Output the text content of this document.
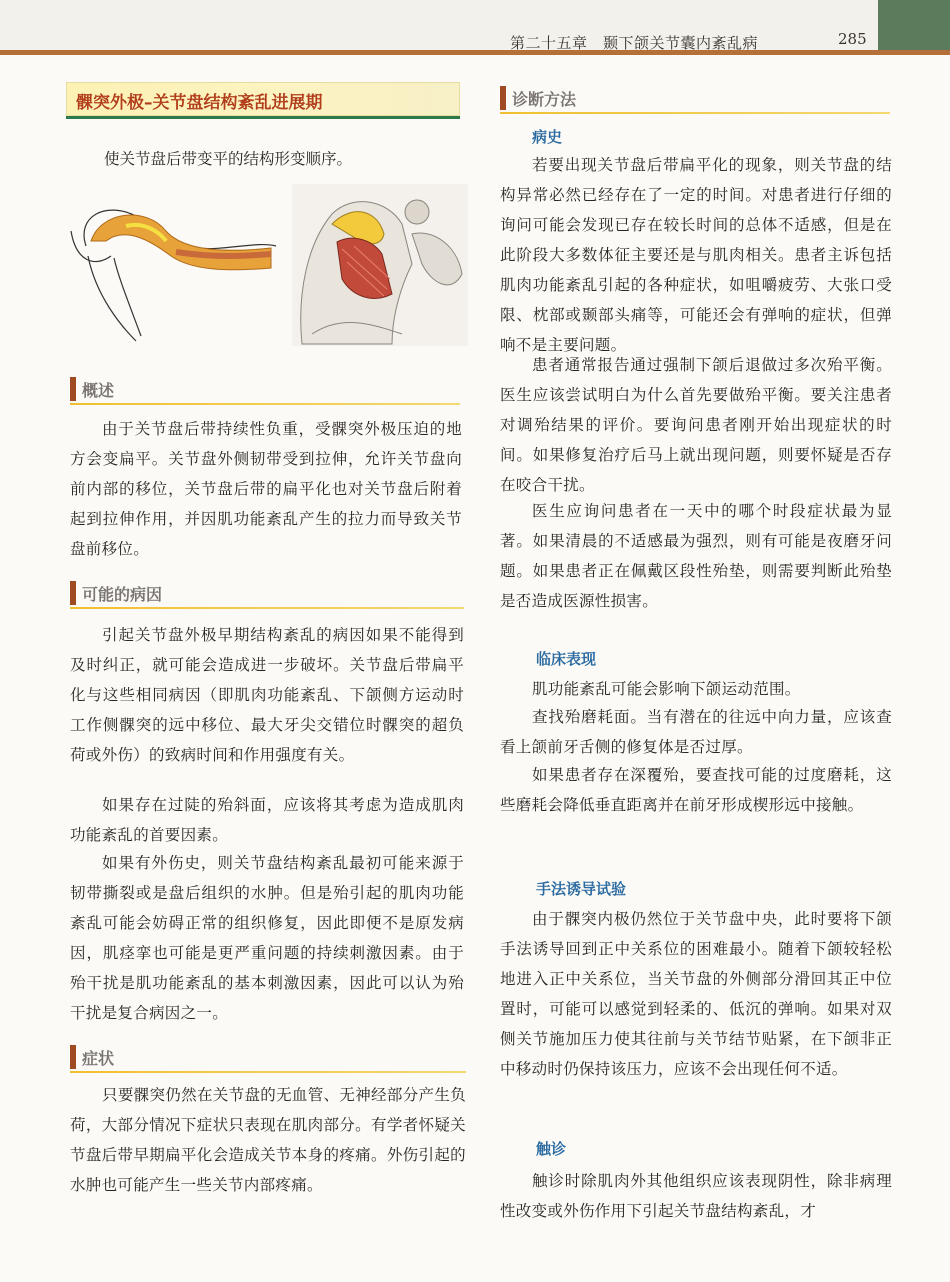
第二十五章　颞下颌关节囊内紊乱病	285
髁突外极–关节盘结构紊乱进展期
使关节盘后带变平的结构形变顺序。
概述
由于关节盘后带持续性负重，受髁突外极压迫的地方会变扁平。关节盘外侧韧带受到拉伸，允许关节盘向前内部的移位，关节盘后带的扁平化也对关节盘后附着起到拉伸作用，并因肌功能紊乱产生的拉力而导致关节盘前移位。
可能的病因
引起关节盘外极早期结构紊乱的病因如果不能得到及时纠正，就可能会造成进一步破坏。关节盘后带扁平化与这些相同病因（即肌肉功能紊乱、下颌侧方运动时工作侧髁突的远中移位、最大牙尖交错位时髁突的超负荷或外伤）的致病时间和作用强度有关。
如果存在过陡的殆斜面，应该将其考虑为造成肌肉功能紊乱的首要因素。
如果有外伤史，则关节盘结构紊乱最初可能来源于韧带撕裂或是盘后组织的水肿。但是殆引起的肌肉功能紊乱可能会妨碍正常的组织修复，因此即便不是原发病因，肌痉挛也可能是更严重问题的持续刺激因素。由于殆干扰是肌功能紊乱的基本刺激因素，因此可以认为殆干扰是复合病因之一。
症状
只要髁突仍然在关节盘的无血管、无神经部分产生负荷，大部分情况下症状只表现在肌肉部分。有学者怀疑关节盘后带早期扁平化会造成关节本身的疼痛。外伤引起的水肿也可能产生一些关节内部疼痛。
诊断方法
病史
若要出现关节盘后带扁平化的现象，则关节盘的结构异常必然已经存在了一定的时间。对患者进行仔细的询问可能会发现已存在较长时间的总体不适感，但是在此阶段大多数体征主要还是与肌肉相关。患者主诉包括肌肉功能紊乱引起的各种症状，如咀嚼疲劳、大张口受限、枕部或颞部头痛等，可能还会有弹响的症状，但弹响不是主要问题。
患者通常报告通过强制下颌后退做过多次殆平衡。医生应该尝试明白为什么首先要做殆平衡。要关注患者对调殆结果的评价。要询问患者刚开始出现症状的时间。如果修复治疗后马上就出现问题，则要怀疑是否存在咬合干扰。
医生应询问患者在一天中的哪个时段症状最为显著。如果清晨的不适感最为强烈，则有可能是夜磨牙问题。如果患者正在佩戴区段性殆垫，则需要判断此殆垫是否造成医源性损害。
临床表现
肌功能紊乱可能会影响下颌运动范围。
查找殆磨耗面。当有潜在的往远中向力量，应该查看上颌前牙舌侧的修复体是否过厚。
如果患者存在深覆殆，要查找可能的过度磨耗，这些磨耗会降低垂直距离并在前牙形成楔形远中接触。
手法诱导试验
由于髁突内极仍然位于关节盘中央，此时要将下颌手法诱导回到正中关系位的困难最小。随着下颌较轻松地进入正中关系位，当关节盘的外侧部分滑回其正中位置时，可能可以感觉到轻柔的、低沉的弹响。如果对双侧关节施加压力使其往前与关节结节贴紧，在下颌非正中移动时仍保持该压力，应该不会出现任何不适。
触诊
触诊时除肌肉外其他组织应该表现阴性，除非病理性改变或外伤作用下引起关节盘结构紊乱，才
